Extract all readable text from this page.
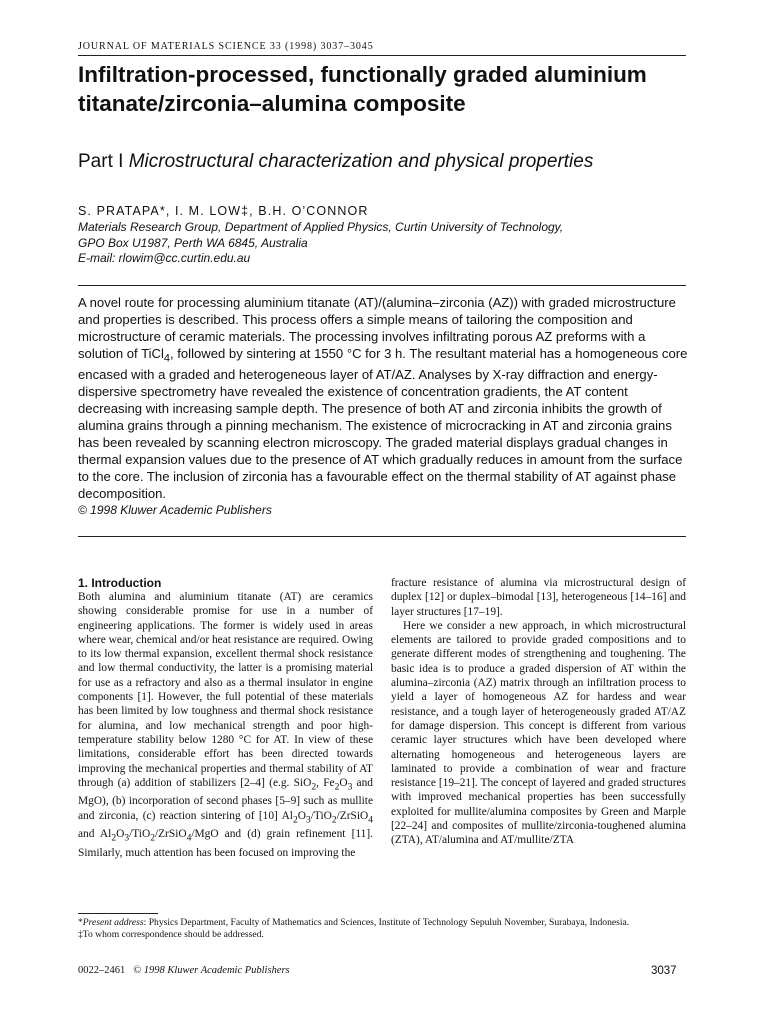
JOURNAL OF MATERIALS SCIENCE 33 (1998) 3037–3045
Infiltration-processed, functionally graded aluminium titanate/zirconia–alumina composite
Part I Microstructural characterization and physical properties
S. PRATAPA*, I. M. LOW‡, B.H. O’CONNOR
Materials Research Group, Department of Applied Physics, Curtin University of Technology,
GPO Box U1987, Perth WA 6845, Australia
E-mail: rlowim@cc.curtin.edu.au

A novel route for processing aluminium titanate (AT)/(alumina–zirconia (AZ)) with graded microstructure and properties is described. This process offers a simple means of tailoring the composition and microstructure of ceramic materials. The processing involves infiltrating porous AZ preforms with a solution of TiCl$_4$, followed by sintering at 1550 °C for 3 h. The resultant material has a homogeneous core encased with a graded and heterogeneous layer of AT/AZ. Analyses by X-ray diffraction and energy-dispersive spectrometry have revealed the existence of concentration gradients, the AT content decreasing with increasing sample depth. The presence of both AT and zirconia inhibits the growth of alumina grains through a pinning mechanism. The existence of microcracking in AT and zirconia grains has been revealed by scanning electron microscopy. The graded material displays gradual changes in thermal expansion values due to the presence of AT which gradually reduces in amount from the surface to the core. The inclusion of zirconia has a favourable effect on the thermal stability of AT against phase decomposition.

© 1998 Kluwer Academic Publishers

1. Introduction

Both alumina and aluminium titanate (AT) are ceramics showing considerable promise for use in a number of engineering applications. The former is widely used in areas where wear, chemical and/or heat resistance are required. Owing to its low thermal expansion, excellent thermal shock resistance and low thermal conductivity, the latter is a promising material for use as a refractory and also as a thermal insulator in engine components [1]. However, the full potential of these materials has been limited by low toughness and thermal shock resistance for alumina, and low mechanical strength and poor high-temperature stability below 1280 °C for AT. In view of these limitations, considerable effort has been directed towards improving the mechanical properties and thermal stability of AT through (a) addition of stabilizers [2–4] (e.g. SiO$_2$, $Fe_2O_3$ and MgO), (b) incorporation of second phases [5–9] such as mullite and zirconia, (c) reaction sintering of [10] $Al_2O_3/TiO_2/ZrSiO_4$ and $Al_2O_3/TiO_2/ZrSiO_4$/MgO and (d) grain refinement [11]. Similarly, much attention has been focused on improving the

fracture resistance of alumina via microstructural design of duplex [12] or duplex–bimodal [13], heterogeneous [14–16] and layer structures [17–19].

Here we consider a new approach, in which microstructural elements are tailored to provide graded compositions and to generate different modes of strengthening and toughening. The basic idea is to produce a graded dispersion of AT within the alumina–zirconia (AZ) matrix through an infiltration process to yield a layer of homogeneous AZ for hardess and wear resistance, and a tough layer of heterogeneously graded AT/AZ for damage dispersion. This concept is different from various ceramic layer structures which have been developed where alternating homogeneous and heterogeneous layers are laminated to provide a combination of wear and fracture resistance [19–21]. The concept of layered and graded structures with improved mechanical properties has been successfully exploited for mullite/alumina composites by Green and Marple [22–24] and composites of mullite/zirconia-toughened alumina (ZTA), AT/alumina and AT/mullite/ZTA

*Present address: Physics Department, Faculty of Mathematics and Sciences, Institute of Technology Sepuluh November, Surabaya, Indonesia.

‡To whom correspondence should be addressed.

0022–2461 © 1998 Kluwer Academic Publishers	3037
